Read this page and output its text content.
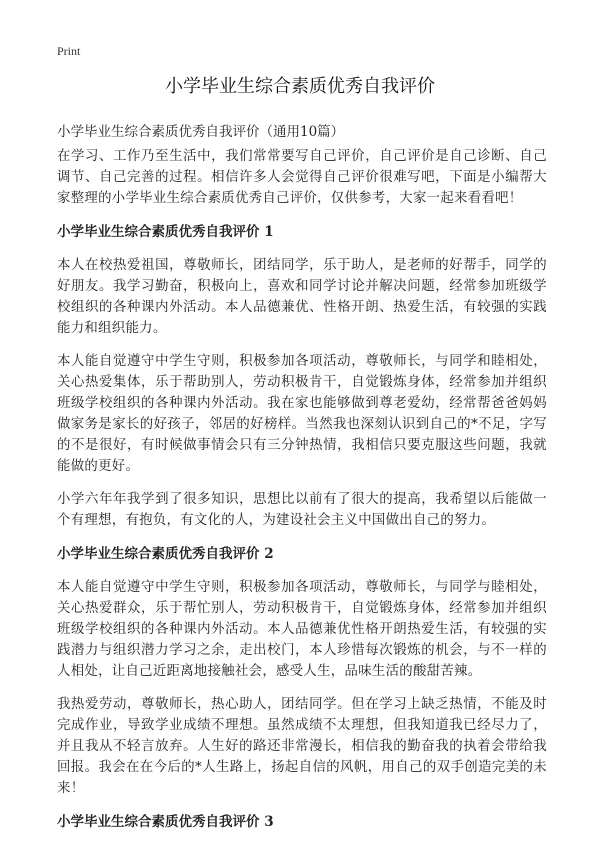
Print
小学毕业生综合素质优秀自我评价

小学毕业生综合素质优秀自我评价（通用10篇）

在学习、工作乃至生活中，我们常常要写自己评价，自己评价是自己诊断、自己调节、自己完善的过程。相信许多人会觉得自己评价很难写吧，下面是小编帮大家整理的小学毕业生综合素质优秀自己评价，仅供参考，大家一起来看看吧！

小学毕业生综合素质优秀自我评价 1

本人在校热爱祖国，尊敬师长，团结同学，乐于助人，是老师的好帮手，同学的好朋友。我学习勤奋，积极向上，喜欢和同学讨论并解决问题，经常参加班级学校组织的各种课内外活动。本人品德兼优、性格开朗、热爱生活，有较强的实践能力和组织能力。

本人能自觉遵守中学生守则，积极参加各项活动，尊敬师长，与同学和睦相处，关心热爱集体，乐于帮助别人，劳动积极肯干，自觉锻炼身体，经常参加并组织班级学校组织的各种课内外活动。我在家也能够做到尊老爱幼，经常帮爸爸妈妈做家务是家长的好孩子，邻居的好榜样。当然我也深刻认识到自己的*不足，字写的不是很好，有时候做事情会只有三分钟热情，我相信只要克服这些问题，我就能做的更好。

小学六年年我学到了很多知识，思想比以前有了很大的提高，我希望以后能做一个有理想，有抱负，有文化的人，为建设社会主义中国做出自己的努力。

小学毕业生综合素质优秀自我评价 2

本人能自觉遵守中学生守则，积极参加各项活动，尊敬师长，与同学与睦相处，关心热爱群众，乐于帮忙别人，劳动积极肯干，自觉锻炼身体，经常参加并组织班级学校组织的各种课内外活动。本人品德兼优性格开朗热爱生活，有较强的实践潜力与组织潜力学习之余，走出校门，本人珍惜每次锻炼的机会，与不一样的人相处，让自己近距离地接触社会，感受人生，品味生活的酸甜苦辣。

我热爱劳动，尊敬师长，热心助人，团结同学。但在学习上缺乏热情，不能及时完成作业，导致学业成绩不理想。虽然成绩不太理想，但我知道我已经尽力了，并且我从不轻言放弃。人生好的路还非常漫长，相信我的勤奋我的执着会带给我回报。我会在在今后的*人生路上，扬起自信的风帆，用自己的双手创造完美的未来！

小学毕业生综合素质优秀自我评价 3
